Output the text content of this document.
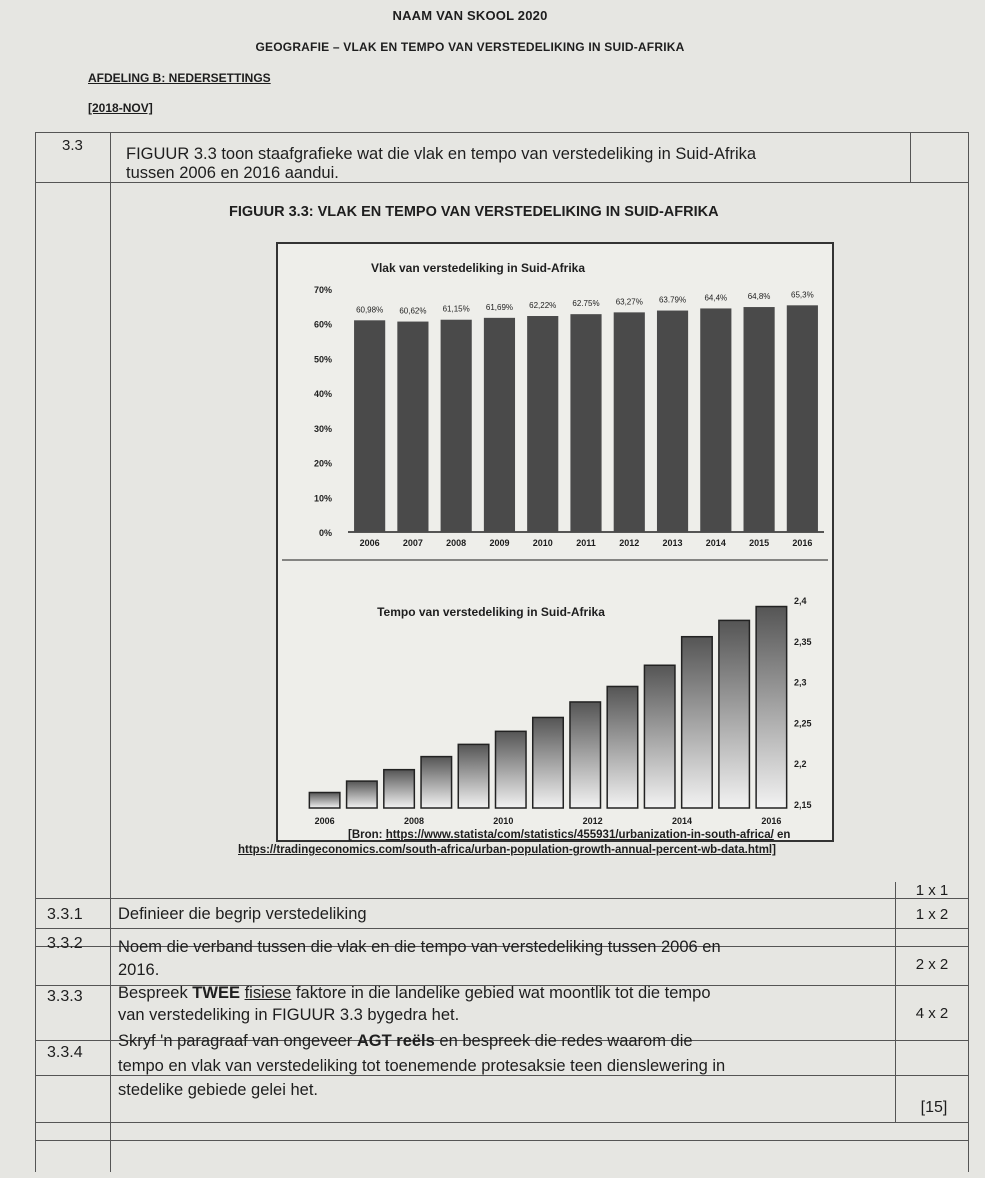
NAAM VAN SKOOL 2020
GEOGRAFIE – VLAK EN TEMPO VAN VERSTEDELIKING IN SUID-AFRIKA
AFDELING B: NEDERSETTINGS
[2018-NOV]
3.3	FIGUUR 3.3 toon staafgrafieke wat die vlak en tempo van verstedeliking in Suid-Afrika
tussen 2006 en 2016 aandui.
FIGUUR 3.3: VLAK EN TEMPO VAN VERSTEDELIKING IN SUID-AFRIKA
Vlak van verstedeliking in Suid-Afrika
0%
10%
20%
30%
40%
50%
60%
70%
60,98%
2006
60,62%
2007
61,15%
2008
61,69%
2009
62,22%
2010
62.75%
2011
63,27%
2012
63.79%
2013
64,4%
2014
64,8%
2015
65,3%
2016
Tempo van verstedeliking in Suid-Afrika
2,15
2,2
2,25
2,3
2,35
2,4
2006	2008	2010	2012	2014	2016
[Bron: https://www.statista/com/statistics/455931/urbanization-in-south-africa/ en
https://tradingeconomics.com/south-africa/urban-population-growth-annual-percent-wb-data.html]
1 x 1
3.3.1 Definieer die begrip verstedeliking	1 x 2
3.3.2 Noem die verband tussen die vlak en die tempo van verstedeliking tussen 2006 en
2016.	2 x 2
3.3.3 Bespreek TWEE fisiese faktore in die landelike gebied wat moontlik tot die tempo
van verstedeliking in FIGUUR 3.3 bygedra het.	4 x 2
3.3.4
Skryf 'n paragraaf van ongeveer AGT reëls en bespreek die redes waarom die
tempo en vlak van verstedeliking tot toenemende protesaksie teen dienslewering in
stedelike gebiede gelei het.
[15]
